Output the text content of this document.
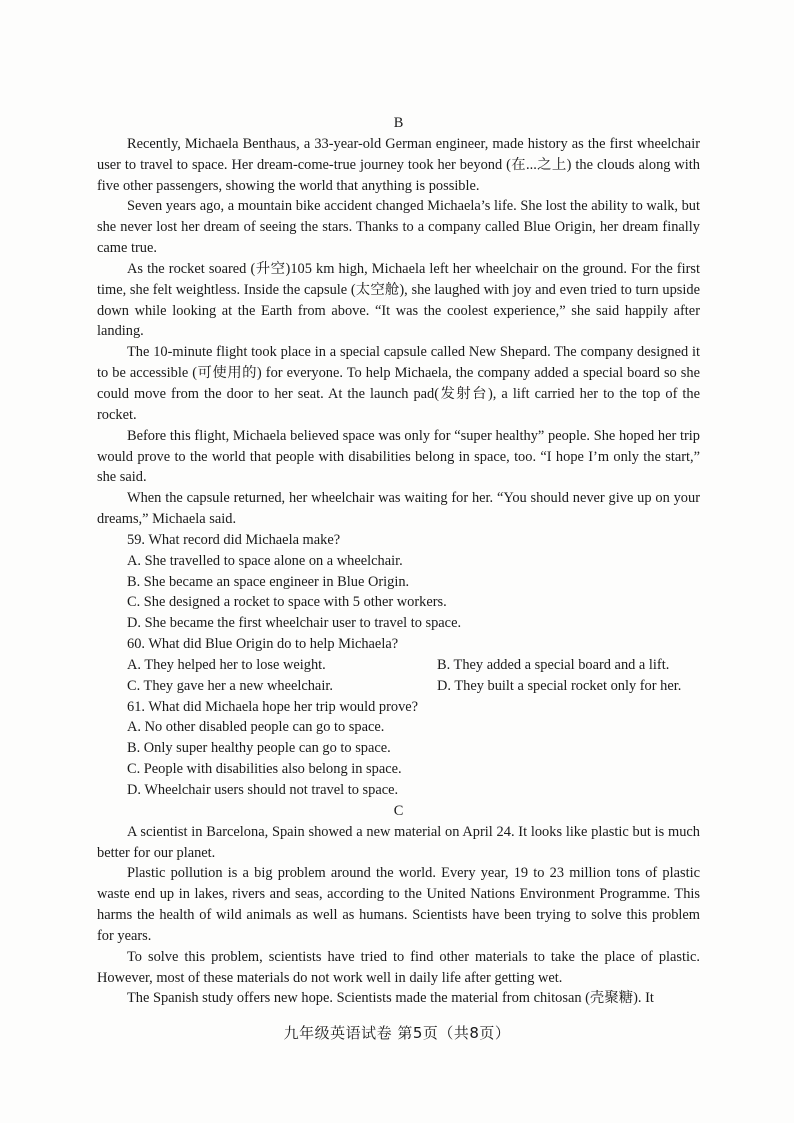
B

Recently, Michaela Benthaus, a 33-year-old German engineer, made history as the first wheelchair user to travel to space. Her dream-come-true journey took her beyond (在...之上) the clouds along with five other passengers, showing the world that anything is possible.

Seven years ago, a mountain bike accident changed Michaela’s life. She lost the ability to walk, but she never lost her dream of seeing the stars. Thanks to a company called Blue Origin, her dream finally came true.

As the rocket soared (升空)105 km high, Michaela left her wheelchair on the ground. For the first time, she felt weightless. Inside the capsule (太空舱), she laughed with joy and even tried to turn upside down while looking at the Earth from above. “It was the coolest experience,” she said happily after landing.

The 10-minute flight took place in a special capsule called New Shepard. The company designed it to be accessible (可使用的) for everyone. To help Michaela, the company added a special board so she could move from the door to her seat. At the launch pad(发射台), a lift carried her to the top of the rocket.

Before this flight, Michaela believed space was only for “super healthy” people. She hoped her trip would prove to the world that people with disabilities belong in space, too. “I hope I’m only the start,” she said.

When the capsule returned, her wheelchair was waiting for her. “You should never give up on your dreams,” Michaela said.

59. What record did Michaela make?

A. She travelled to space alone on a wheelchair.

B. She became an space engineer in Blue Origin.

C. She designed a rocket to space with 5 other workers.

D. She became the first wheelchair user to travel to space.

60. What did Blue Origin do to help Michaela?

A. They helped her to lose weight.	B. They added a special board and a lift.
C. They gave her a new wheelchair.	D. They built a special rocket only for her.

61. What did Michaela hope her trip would prove?

A. No other disabled people can go to space.

B. Only super healthy people can go to space.

C. People with disabilities also belong in space.

D. Wheelchair users should not travel to space.

C

A scientist in Barcelona, Spain showed a new material on April 24. It looks like plastic but is much better for our planet.

Plastic pollution is a big problem around the world. Every year, 19 to 23 million tons of plastic waste end up in lakes, rivers and seas, according to the United Nations Environment Programme. This harms the health of wild animals as well as humans. Scientists have been trying to solve this problem for years.

To solve this problem, scientists have tried to find other materials to take the place of plastic. However, most of these materials do not work well in daily life after getting wet.

The Spanish study offers new hope. Scientists made the material from chitosan (壳聚糖). It

九年级英语试卷 第5页（共8页）
